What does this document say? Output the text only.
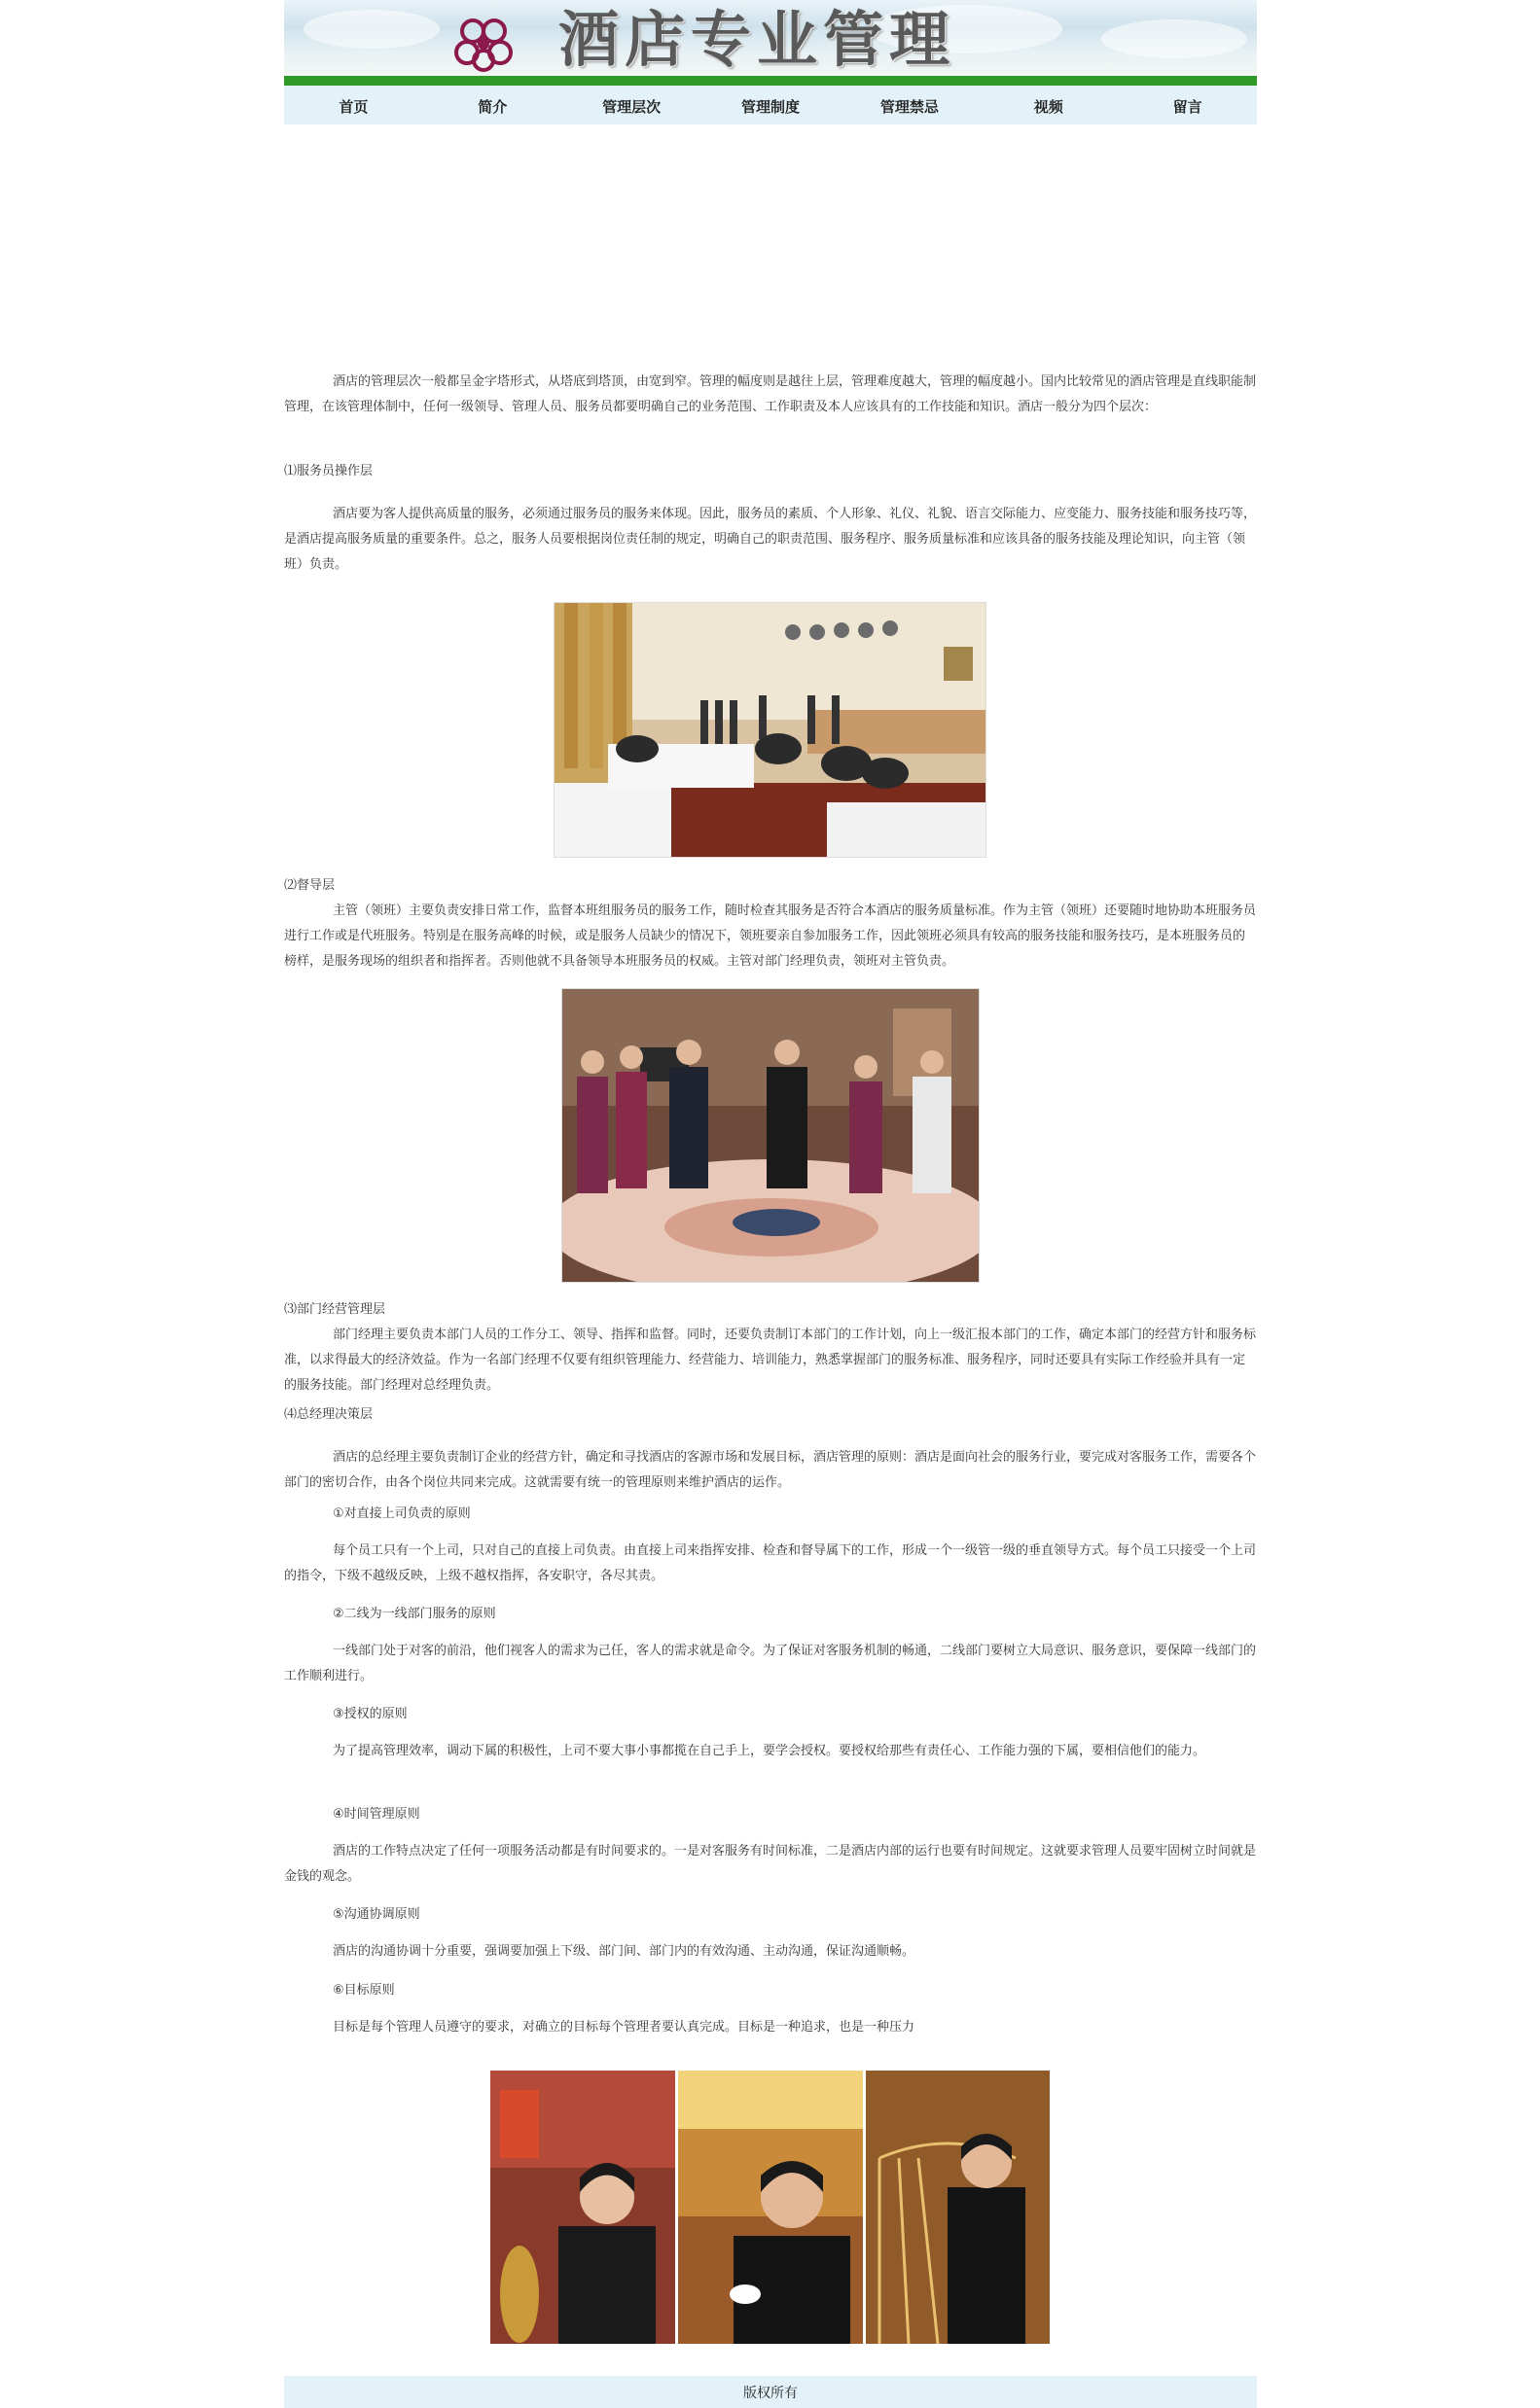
酒店专业管理
首页	简介	管理层次	管理制度	管理禁忌	视频	留言

酒店的管理层次一般都呈金字塔形式，从塔底到塔顶，由宽到窄。管理的幅度则是越往上层，管理难度越大，管理的幅度越小。国内比较常见的酒店管理是直线职能制管理，在该管理体制中，任何一级领导、管理人员、服务员都要明确自己的业务范围、工作职责及本人应该具有的工作技能和知识。酒店一般分为四个层次：

⑴服务员操作层

酒店要为客人提供高质量的服务，必须通过服务员的服务来体现。因此，服务员的素质、个人形象、礼仪、礼貌、语言交际能力、应变能力、服务技能和服务技巧等，是酒店提高服务质量的重要条件。总之，服务人员要根据岗位责任制的规定，明确自己的职责范围、服务程序、服务质量标准和应该具备的服务技能及理论知识，向主管（领班）负责。

⑵督导层

主管（领班）主要负责安排日常工作，监督本班组服务员的服务工作，随时检查其服务是否符合本酒店的服务质量标准。作为主管（领班）还要随时地协助本班服务员进行工作或是代班服务。特别是在服务高峰的时候，或是服务人员缺少的情况下，领班要亲自参加服务工作，因此领班必须具有较高的服务技能和服务技巧，是本班服务员的榜样，是服务现场的组织者和指挥者。否则他就不具备领导本班服务员的权威。主管对部门经理负责，领班对主管负责。

⑶部门经营管理层

部门经理主要负责本部门人员的工作分工、领导、指挥和监督。同时，还要负责制订本部门的工作计划，向上一级汇报本部门的工作，确定本部门的经营方针和服务标准，以求得最大的经济效益。作为一名部门经理不仅要有组织管理能力、经营能力、培训能力，熟悉掌握部门的服务标准、服务程序，同时还要具有实际工作经验并具有一定的服务技能。部门经理对总经理负责。

⑷总经理决策层

酒店的总经理主要负责制订企业的经营方针，确定和寻找酒店的客源市场和发展目标，酒店管理的原则：酒店是面向社会的服务行业，要完成对客服务工作，需要各个部门的密切合作，由各个岗位共同来完成。这就需要有统一的管理原则来维护酒店的运作。

①对直接上司负责的原则

每个员工只有一个上司，只对自己的直接上司负责。由直接上司来指挥安排、检查和督导属下的工作，形成一个一级管一级的垂直领导方式。每个员工只接受一个上司的指令，下级不越级反映，上级不越权指挥，各安职守，各尽其责。

②二线为一线部门服务的原则

一线部门处于对客的前沿，他们视客人的需求为己任，客人的需求就是命令。为了保证对客服务机制的畅通，二线部门要树立大局意识、服务意识，要保障一线部门的工作顺利进行。

③授权的原则

为了提高管理效率，调动下属的积极性，上司不要大事小事都揽在自己手上，要学会授权。要授权给那些有责任心、工作能力强的下属，要相信他们的能力。

④时间管理原则

酒店的工作特点决定了任何一项服务活动都是有时间要求的。一是对客服务有时间标准，二是酒店内部的运行也要有时间规定。这就要求管理人员要牢固树立时间就是金钱的观念。

⑤沟通协调原则

酒店的沟通协调十分重要，强调要加强上下级、部门间、部门内的有效沟通、主动沟通，保证沟通顺畅。

⑥目标原则

目标是每个管理人员遵守的要求，对确立的目标每个管理者要认真完成。目标是一种追求，也是一种压力

版权所有
